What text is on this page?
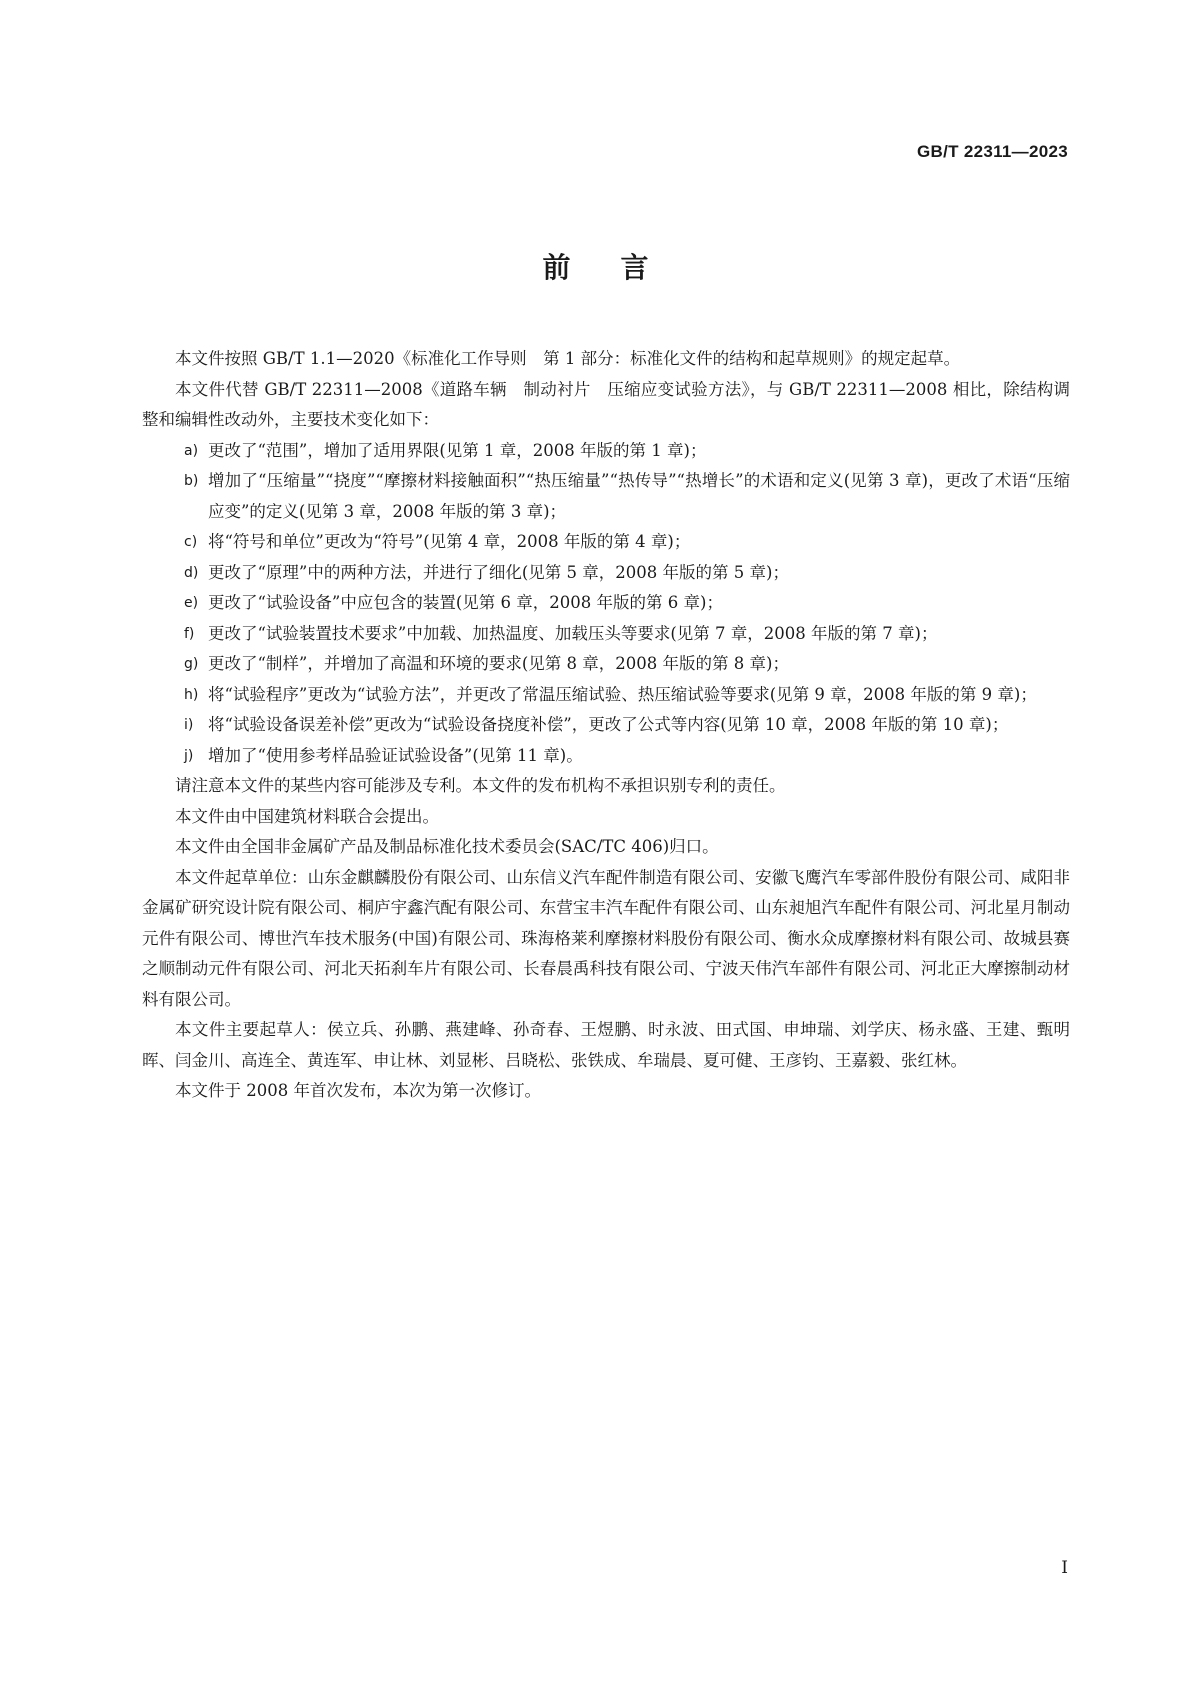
GB/T 22311—2023
前言

本文件按照 GB/T 1.1—2020《标准化工作导则　第 1 部分：标准化文件的结构和起草规则》的规定起草。

本文件代替 GB/T 22311—2008《道路车辆　制动衬片　压缩应变试验方法》，与 GB/T 22311—2008 相比，除结构调整和编辑性改动外，主要技术变化如下：

a) 更改了“范围”，增加了适用界限(见第 1 章，2008 年版的第 1 章)；
b) 增加了“压缩量”“挠度”“摩擦材料接触面积”“热压缩量”“热传导”“热增长”的术语和定义(见第 3 章)，更改了术语“压缩应变”的定义(见第 3 章，2008 年版的第 3 章)；
c) 将“符号和单位”更改为“符号”(见第 4 章，2008 年版的第 4 章)；
d) 更改了“原理”中的两种方法，并进行了细化(见第 5 章，2008 年版的第 5 章)；
e) 更改了“试验设备”中应包含的装置(见第 6 章，2008 年版的第 6 章)；
f) 更改了“试验装置技术要求”中加载、加热温度、加载压头等要求(见第 7 章，2008 年版的第 7 章)；
g) 更改了“制样”，并增加了高温和环境的要求(见第 8 章，2008 年版的第 8 章)；
h) 将“试验程序”更改为“试验方法”，并更改了常温压缩试验、热压缩试验等要求(见第 9 章，2008 年版的第 9 章)；
i) 将“试验设备误差补偿”更改为“试验设备挠度补偿”，更改了公式等内容(见第 10 章，2008 年版的第 10 章)；
j) 增加了“使用参考样品验证试验设备”(见第 11 章)。

请注意本文件的某些内容可能涉及专利。本文件的发布机构不承担识别专利的责任。

本文件由中国建筑材料联合会提出。

本文件由全国非金属矿产品及制品标准化技术委员会(SAC/TC 406)归口。

本文件起草单位：山东金麒麟股份有限公司、山东信义汽车配件制造有限公司、安徽飞鹰汽车零部件股份有限公司、咸阳非金属矿研究设计院有限公司、桐庐宇鑫汽配有限公司、东营宝丰汽车配件有限公司、山东昶旭汽车配件有限公司、河北星月制动元件有限公司、博世汽车技术服务(中国)有限公司、珠海格莱利摩擦材料股份有限公司、衡水众成摩擦材料有限公司、故城县赛之顺制动元件有限公司、河北天拓刹车片有限公司、长春晨禹科技有限公司、宁波天伟汽车部件有限公司、河北正大摩擦制动材料有限公司。

本文件主要起草人：侯立兵、孙鹏、燕建峰、孙奇春、王煜鹏、时永波、田式国、申坤瑞、刘学庆、杨永盛、王建、甄明晖、闫金川、高连全、黄连军、申让林、刘显彬、吕晓松、张铁成、牟瑞晨、夏可健、王彦钧、王嘉毅、张红林。

本文件于 2008 年首次发布，本次为第一次修订。

I
